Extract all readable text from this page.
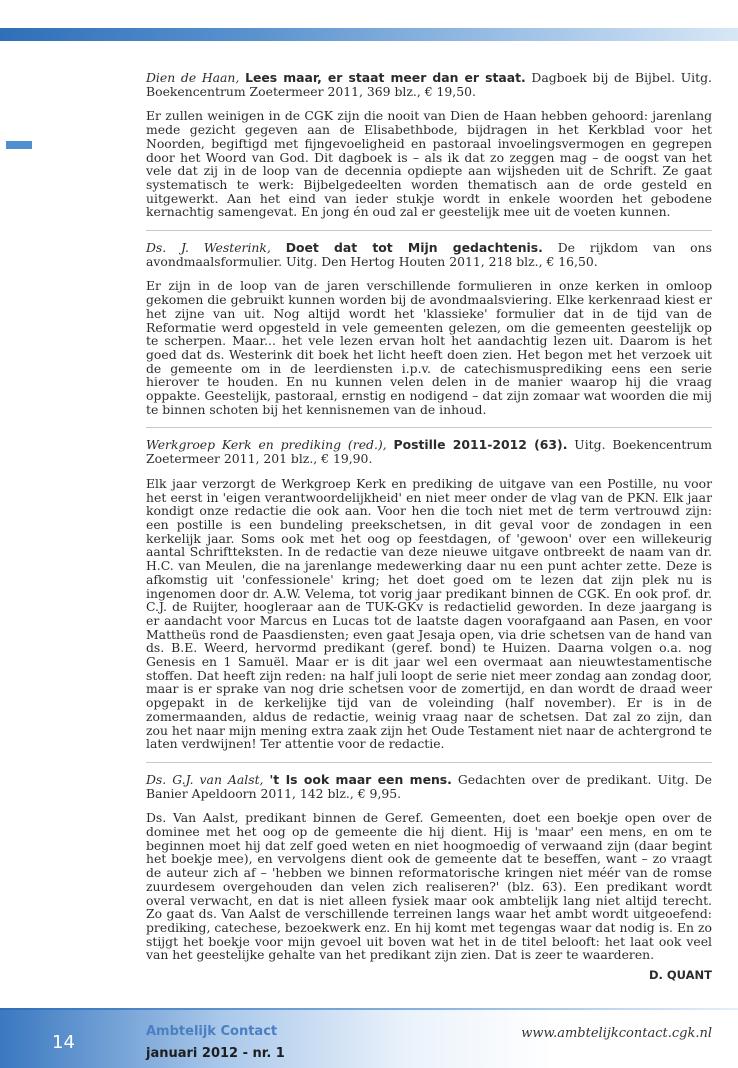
Dien de Haan, Lees maar, er staat meer dan er staat. Dagboek bij de Bijbel. Uitg. Boekencentrum Zoetermeer 2011, 369 blz., € 19,50.

Er zullen weinigen in de CGK zijn die nooit van Dien de Haan hebben gehoord: jarenlang mede gezicht gegeven aan de Elisabethbode, bijdragen in het Kerkblad voor het Noorden, begiftigd met fijngevoeligheid en pastoraal invoelingsvermogen en gegrepen door het Woord van God. Dit dagboek is – als ik dat zo zeggen mag – de oogst van het vele dat zij in de loop van de decennia opdiepte aan wijsheden uit de Schrift. Ze gaat systematisch te werk: Bijbelgedeelten worden thematisch aan de orde gesteld en uitgewerkt. Aan het eind van ieder stukje wordt in enkele woorden het gebodene kernachtig samengevat. En jong én oud zal er geestelijk mee uit de voeten kunnen.

Ds. J. Westerink, Doet dat tot Mijn gedachtenis. De rijkdom van ons avondmaalsformulier. Uitg. Den Hertog Houten 2011, 218 blz., € 16,50.

Er zijn in de loop van de jaren verschillende formulieren in onze kerken in omloop gekomen die gebruikt kunnen worden bij de avondmaalsviering. Elke kerkenraad kiest er het zijne van uit. Nog altijd wordt het 'klassieke' formulier dat in de tijd van de Reformatie werd opgesteld in vele gemeenten gelezen, om die gemeenten geestelijk op te scherpen. Maar... het vele lezen ervan holt het aandachtig lezen uit. Daarom is het goed dat ds. Westerink dit boek het licht heeft doen zien. Het begon met het verzoek uit de gemeente om in de leerdiensten i.p.v. de catechismusprediking eens een serie hierover te houden. En nu kunnen velen delen in de manier waarop hij die vraag oppakte. Geestelijk, pastoraal, ernstig en nodigend – dat zijn zomaar wat woorden die mij te binnen schoten bij het kennisnemen van de inhoud.

Werkgroep Kerk en prediking (red.), Postille 2011-2012 (63). Uitg. Boekencentrum Zoetermeer 2011, 201 blz., € 19,90.

Elk jaar verzorgt de Werkgroep Kerk en prediking de uitgave van een Postille, nu voor het eerst in 'eigen verantwoordelijkheid' en niet meer onder de vlag van de PKN. Elk jaar kondigt onze redactie die ook aan. Voor hen die toch niet met de term vertrouwd zijn: een postille is een bundeling preekschetsen, in dit geval voor de zondagen in een kerkelijk jaar. Soms ook met het oog op feestdagen, of 'gewoon' over een willekeurig aantal Schriftteksten. In de redactie van deze nieuwe uitgave ontbreekt de naam van dr. H.C. van Meulen, die na jarenlange medewerking daar nu een punt achter zette. Deze is afkomstig uit 'confessionele' kring; het doet goed om te lezen dat zijn plek nu is ingenomen door dr. A.W. Velema, tot vorig jaar predikant binnen de CGK. En ook prof. dr. C.J. de Ruijter, hoogleraar aan de TUK-GKv is redactielid geworden. In deze jaargang is er aandacht voor Marcus en Lucas tot de laatste dagen voorafgaand aan Pasen, en voor Mattheüs rond de Paasdiensten; even gaat Jesaja open, via drie schetsen van de hand van ds. B.E. Weerd, hervormd predikant (geref. bond) te Huizen. Daarna volgen o.a. nog Genesis en 1 Samuël. Maar er is dit jaar wel een overmaat aan nieuwtestamentische stoffen. Dat heeft zijn reden: na half juli loopt de serie niet meer zondag aan zondag door, maar is er sprake van nog drie schetsen voor de zomertijd, en dan wordt de draad weer opgepakt in de kerkelijke tijd van de voleinding (half november). Er is in de zomermaanden, aldus de redactie, weinig vraag naar de schetsen. Dat zal zo zijn, dan zou het naar mijn mening extra zaak zijn het Oude Testament niet naar de achtergrond te laten verdwijnen! Ter attentie voor de redactie.

Ds. G.J. van Aalst, 't Is ook maar een mens. Gedachten over de predikant. Uitg. De Banier Apeldoorn 2011, 142 blz., € 9,95.

Ds. Van Aalst, predikant binnen de Geref. Gemeenten, doet een boekje open over de dominee met het oog op de gemeente die hij dient. Hij is 'maar' een mens, en om te beginnen moet hij dat zelf goed weten en niet hoogmoedig of verwaand zijn (daar begint het boekje mee), en vervolgens dient ook de gemeente dat te beseffen, want – zo vraagt de auteur zich af – 'hebben we binnen reformatorische kringen niet méér van de romse zuurdesem overgehouden dan velen zich realiseren?' (blz. 63). Een predikant wordt overal verwacht, en dat is niet alleen fysiek maar ook ambtelijk lang niet altijd terecht. Zo gaat ds. Van Aalst de verschillende terreinen langs waar het ambt wordt uitgeoefend: prediking, catechese, bezoekwerk enz. En hij komt met tegengas waar dat nodig is. En zo stijgt het boekje voor mijn gevoel uit boven wat het in de titel belooft: het laat ook veel van het geestelijke gehalte van het predikant zijn zien. Dat is zeer te waarderen.

D. QUANT
14
Ambtelijk Contact
januari 2012 - nr. 1
www.ambtelijkcontact.cgk.nl
